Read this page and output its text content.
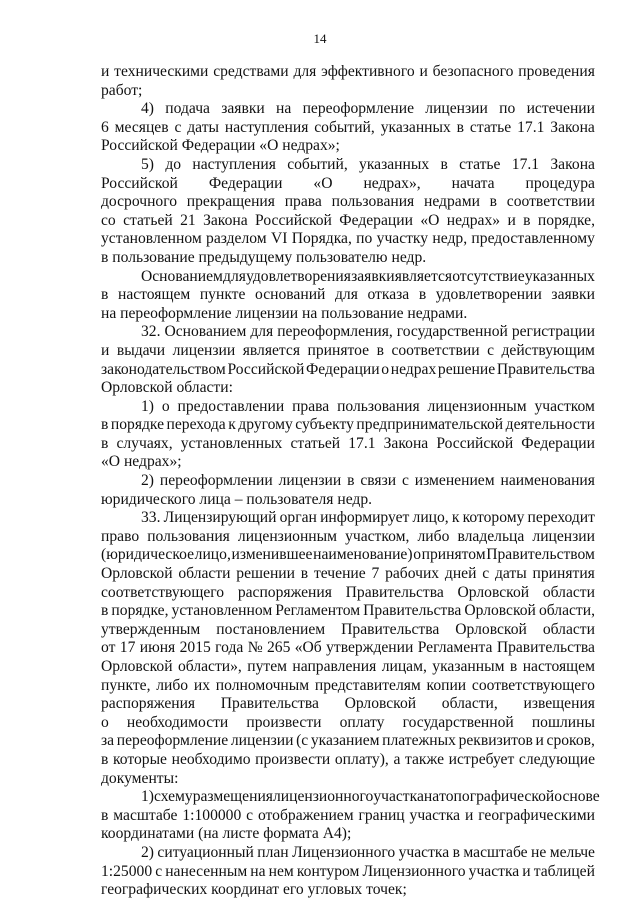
14
и техническими средствами для эффективного и безопасного проведения
работ;
4) подача заявки на переоформление лицензии по истечении
6 месяцев с даты наступления событий, указанных в статье 17.1 Закона
Российской Федерации «О недрах»;
5) до наступления событий, указанных в статье 17.1 Закона
Российской Федерации «О недрах», начата процедура
досрочного прекращения права пользования недрами в соответствии
со статьей 21 Закона Российской Федерации «О недрах» и в порядке,
установленном разделом VI Порядка, по участку недр, предоставленному
в пользование предыдущему пользователю недр.
Основанием для удовлетворения заявки является отсутствие указанных
в настоящем пункте оснований для отказа в удовлетворении заявки
на переоформление лицензии на пользование недрами.
32. Основанием для переоформления, государственной регистрации
и выдачи лицензии является принятое в соответствии с действующим
законодательством Российской Федерации о недрах решение Правительства
Орловской области:
1) о предоставлении права пользования лицензионным участком
в порядке перехода к другому субъекту предпринимательской деятельности
в случаях, установленных статьей 17.1 Закона Российской Федерации
«О недрах»;
2) переоформлении лицензии в связи с изменением наименования
юридического лица – пользователя недр.
33. Лицензирующий орган информирует лицо, к которому переходит
право пользования лицензионным участком, либо владельца лицензии
(юридическое лицо, изменившее наименование) о принятом Правительством
Орловской области решении в течение 7 рабочих дней с даты принятия
соответствующего распоряжения Правительства Орловской области
в порядке, установленном Регламентом Правительства Орловской области,
утвержденным постановлением Правительства Орловской области
от 17 июня 2015 года № 265 «Об утверждении Регламента Правительства
Орловской области», путем направления лицам, указанным в настоящем
пункте, либо их полномочным представителям копии соответствующего
распоряжения Правительства Орловской области, извещения
о необходимости произвести оплату государственной пошлины
за переоформление лицензии (с указанием платежных реквизитов и сроков,
в которые необходимо произвести оплату), а также истребует следующие
документы:
1) схему размещения лицензионного участка на топографической основе
в масштабе 1:100000 с отображением границ участка и географическими
координатами (на листе формата А4);
2) ситуационный план Лицензионного участка в масштабе не мельче
1:25000 с нанесенным на нем контуром Лицензионного участка и таблицей
географических координат его угловых точек;
